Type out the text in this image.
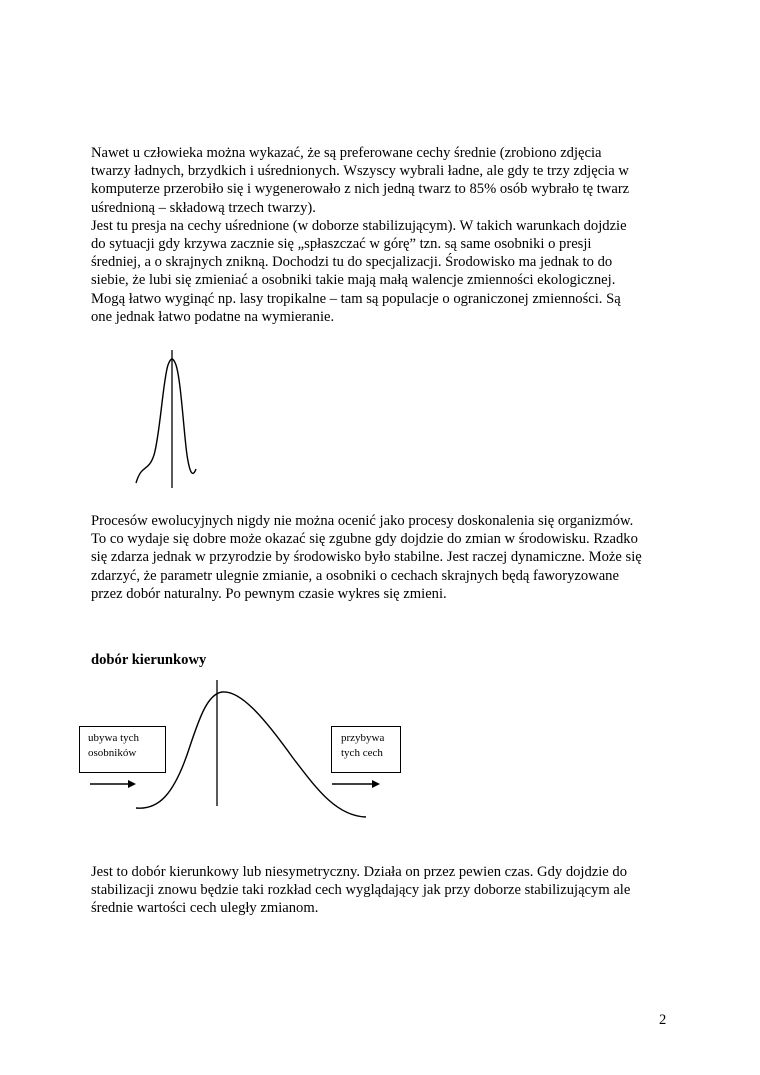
Nawet u człowieka można wykazać, że są preferowane cechy średnie (zrobiono zdjęcia
twarzy ładnych, brzydkich i uśrednionych. Wszyscy wybrali ładne, ale gdy te trzy zdjęcia w
komputerze przerobiło się i wygenerowało z nich jedną twarz to 85% osób wybrało tę twarz
uśrednioną – składową trzech twarzy).
Jest tu presja na cechy uśrednione (w doborze stabilizującym). W takich warunkach dojdzie
do sytuacji gdy krzywa zacznie się „spłaszczać w górę” tzn. są same osobniki o presji
średniej, a o skrajnych znikną. Dochodzi tu do specjalizacji. Środowisko ma jednak to do
siebie, że lubi się zmieniać a osobniki takie mają małą walencje zmienności ekologicznej.
Mogą łatwo wyginąć np. lasy tropikalne – tam są populacje o ograniczonej zmienności. Są
one jednak łatwo podatne na wymieranie.
Procesów ewolucyjnych nigdy nie można ocenić jako procesy doskonalenia się organizmów.
To co wydaje się dobre może okazać się zgubne gdy dojdzie do zmian w środowisku. Rzadko
się zdarza jednak w przyrodzie by środowisko było stabilne. Jest raczej dynamiczne. Może się
zdarzyć, że parametr ulegnie zmianie, a osobniki o cechach skrajnych będą faworyzowane
przez dobór naturalny. Po pewnym czasie wykres się zmieni.

dobór kierunkowy

ubywa tych
osobników
przybywa
tych cech
Jest to dobór kierunkowy lub niesymetryczny. Działa on przez pewien czas. Gdy dojdzie do
stabilizacji znowu będzie taki rozkład cech wyglądający jak przy doborze stabilizującym ale
średnie wartości cech uległy zmianom.
2
